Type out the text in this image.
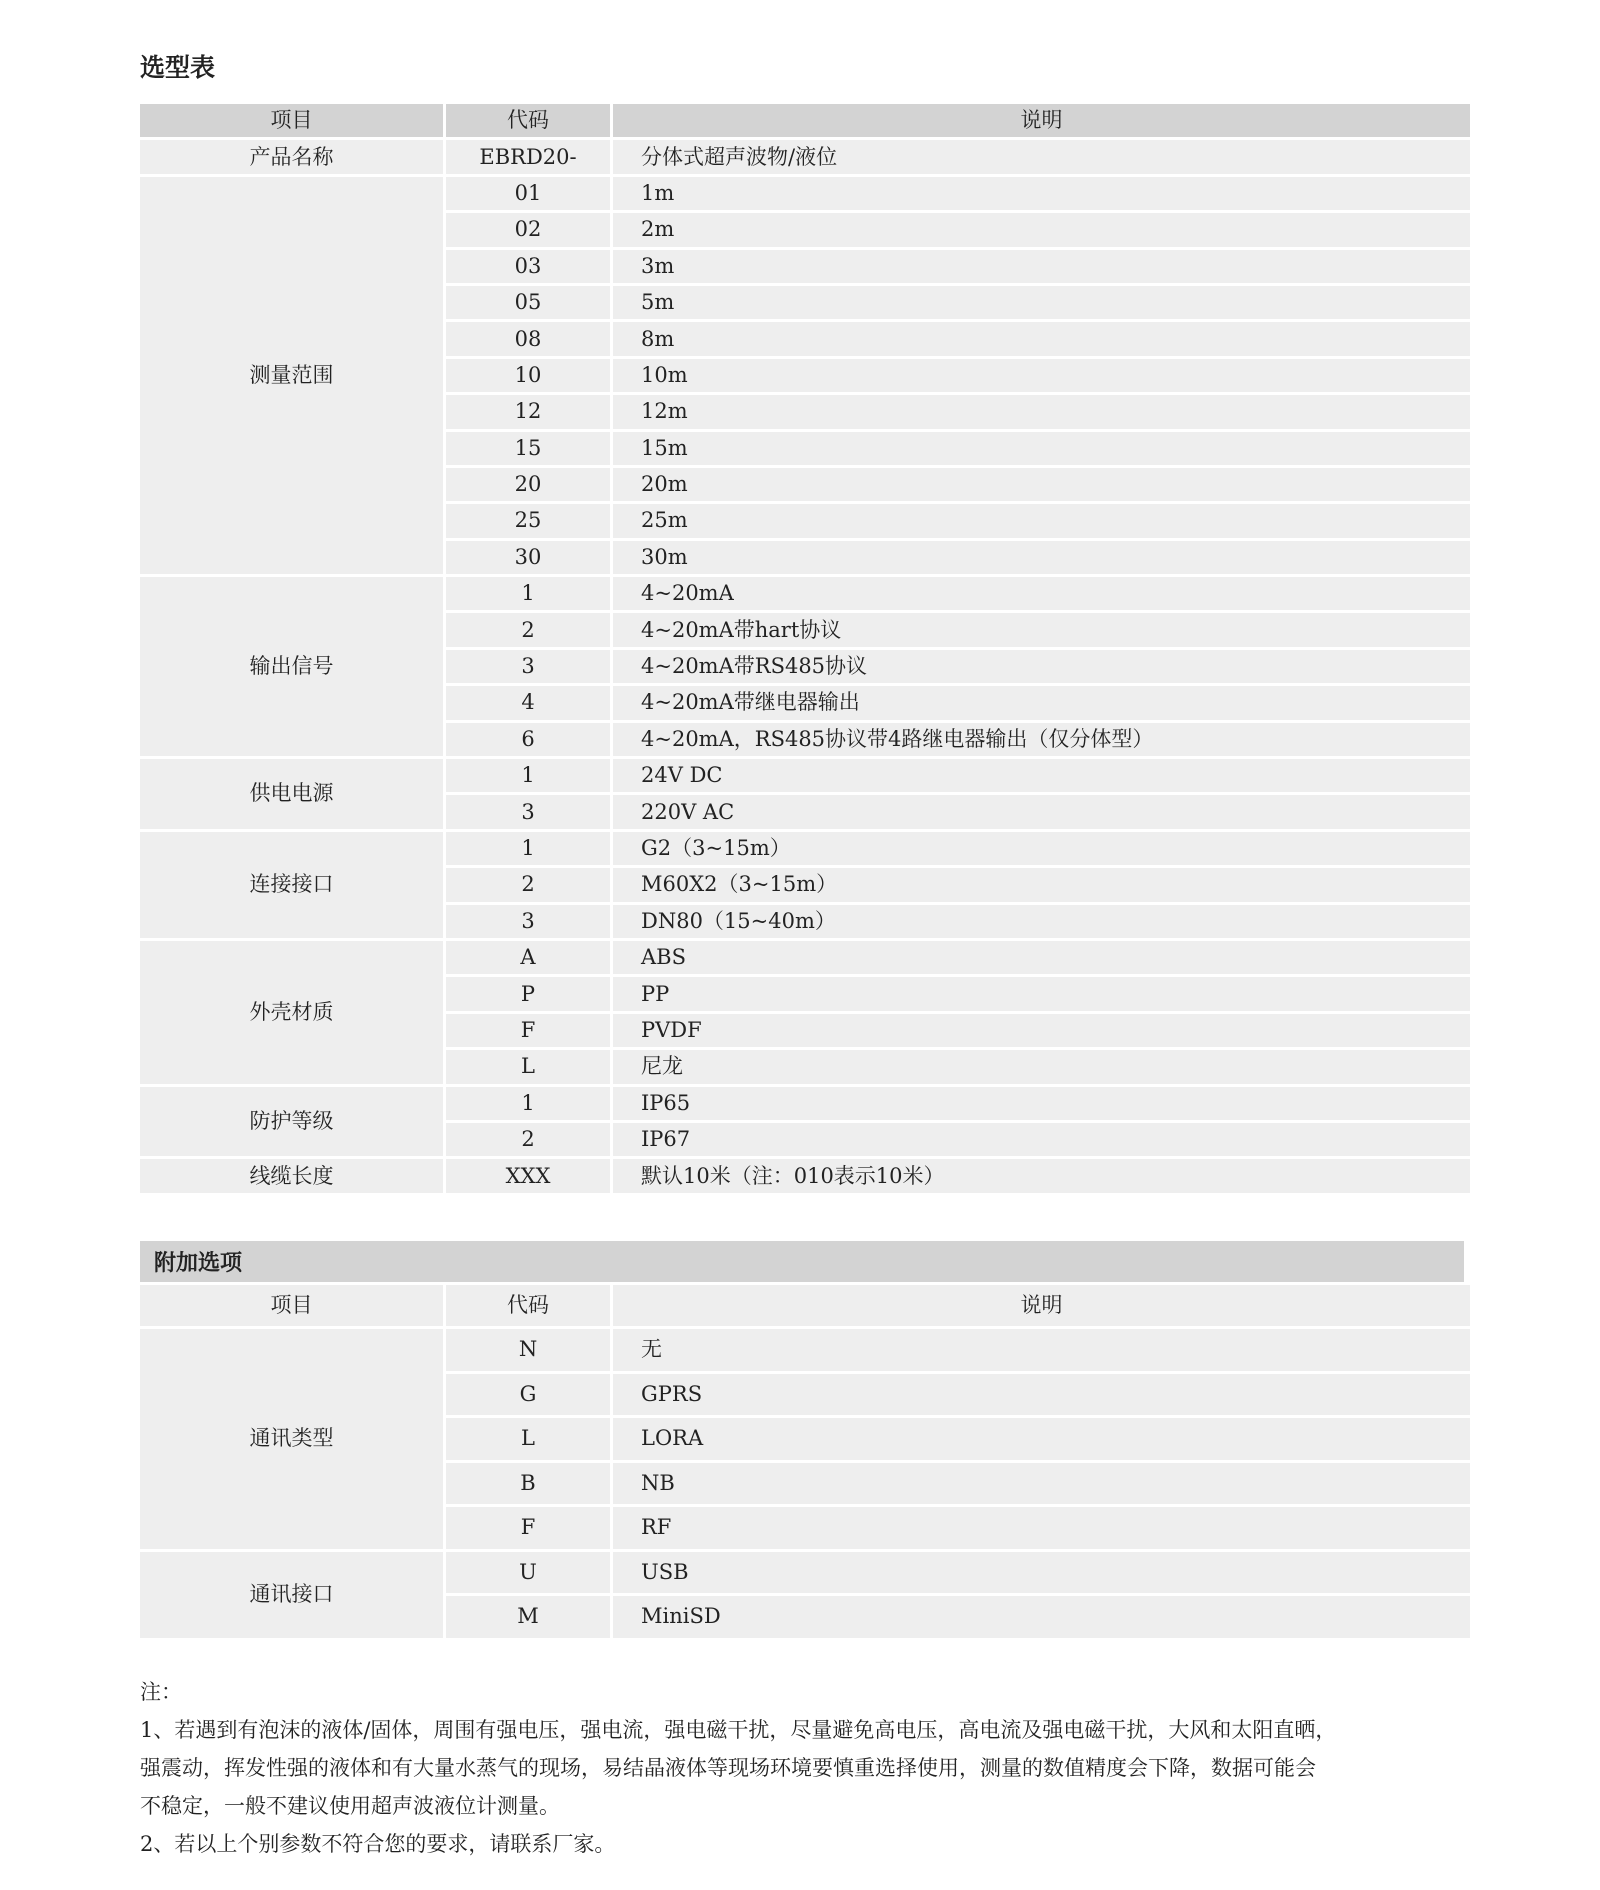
选型表
项目	代码	说明
产品名称	EBRD20-	分体式超声波物/液位
测量范围
01	1m
02	2m
03	3m
05	5m
08	8m
10	10m
12	12m
15	15m
20	20m
25	25m
30	30m
输出信号
1	4~20mA
2	4~20mA带hart协议
3	4~20mA带RS485协议
4	4~20mA带继电器输出
6	4~20mA，RS485协议带4路继电器输出（仅分体型）
供电电源
1	24V DC
3	220V AC
连接接口
1	G2（3~15m）
2	M60X2（3~15m）
3	DN80（15~40m）
外壳材质
A	ABS
P	PP
F	PVDF
L	尼龙
防护等级
1	IP65
2	IP67
线缆长度	XXX	默认10米（注：010表示10米）
附加选项
项目	代码	说明
通讯类型
N	无
G	GPRS
L	LORA
B	NB
F	RF
通讯接口
U	USB
M	MiniSD

注：

1、若遇到有泡沫的液体/固体，周围有强电压，强电流，强电磁干扰，尽量避免高电压，高电流及强电磁干扰，大风和太阳直晒，

强震动，挥发性强的液体和有大量水蒸气的现场，易结晶液体等现场环境要慎重选择使用，测量的数值精度会下降，数据可能会

不稳定，一般不建议使用超声波液位计测量。

2、若以上个别参数不符合您的要求，请联系厂家。
